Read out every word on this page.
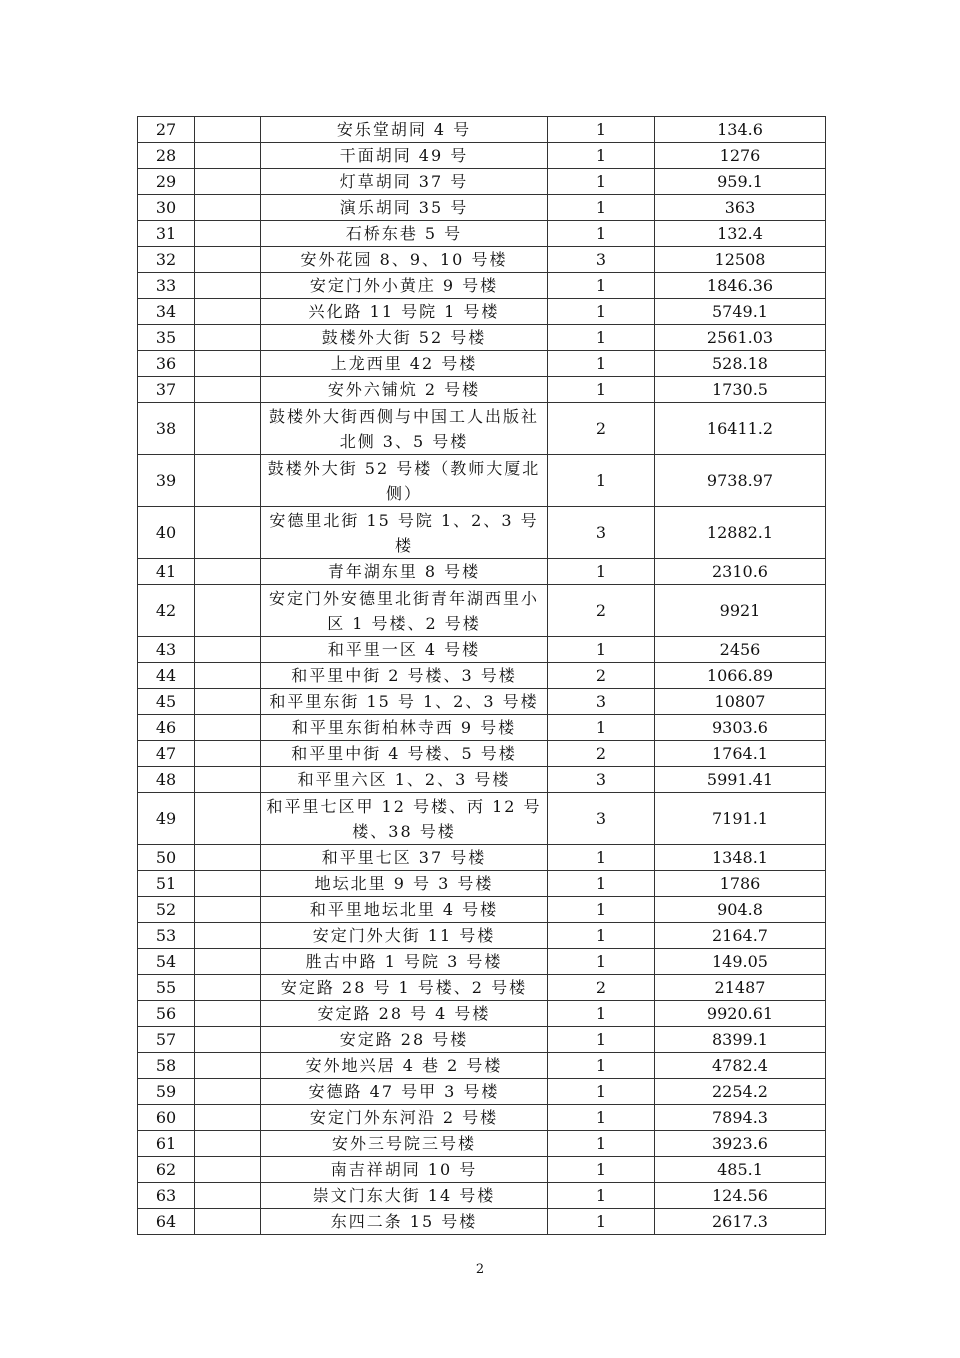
27		安乐堂胡同 4 号	1	134.6
28		干面胡同 49 号	1	1276
29		灯草胡同 37 号	1	959.1
30		演乐胡同 35 号	1	363
31		石桥东巷 5 号	1	132.4
32		安外花园 8、9、10 号楼	3	12508
33		安定门外小黄庄 9 号楼	1	1846.36
34		兴化路 11 号院 1 号楼	1	5749.1
35		鼓楼外大街 52 号楼	1	2561.03
36		上龙西里 42 号楼	1	528.18
37		安外六铺炕 2 号楼	1	1730.5
38		鼓楼外大街西侧与中国工人出版社北侧 3、5 号楼	2	16411.2
39		鼓楼外大街 52 号楼（教师大厦北侧）	1	9738.97
40		安德里北街 15 号院 1、2、3 号楼	3	12882.1
41		青年湖东里 8 号楼	1	2310.6
42		安定门外安德里北街青年湖西里小区 1 号楼、2 号楼	2	9921
43		和平里一区 4 号楼	1	2456
44		和平里中街 2 号楼、3 号楼	2	1066.89
45		和平里东街 15 号 1、2、3 号楼	3	10807
46		和平里东街柏林寺西 9 号楼	1	9303.6
47		和平里中街 4 号楼、5 号楼	2	1764.1
48		和平里六区 1、2、3 号楼	3	5991.41
49		和平里七区甲 12 号楼、丙 12 号楼、38 号楼	3	7191.1
50		和平里七区 37 号楼	1	1348.1
51		地坛北里 9 号 3 号楼	1	1786
52		和平里地坛北里 4 号楼	1	904.8
53		安定门外大街 11 号楼	1	2164.7
54		胜古中路 1 号院 3 号楼	1	149.05
55		安定路 28 号 1 号楼、2 号楼	2	21487
56		安定路 28 号 4 号楼	1	9920.61
57		安定路 28 号楼	1	8399.1
58		安外地兴居 4 巷 2 号楼	1	4782.4
59		安德路 47 号甲 3 号楼	1	2254.2
60		安定门外东河沿 2 号楼	1	7894.3
61		安外三号院三号楼	1	3923.6
62		南吉祥胡同 10 号	1	485.1
63		崇文门东大街 14 号楼	1	124.56
64		东四二条 15 号楼	1	2617.3
2
